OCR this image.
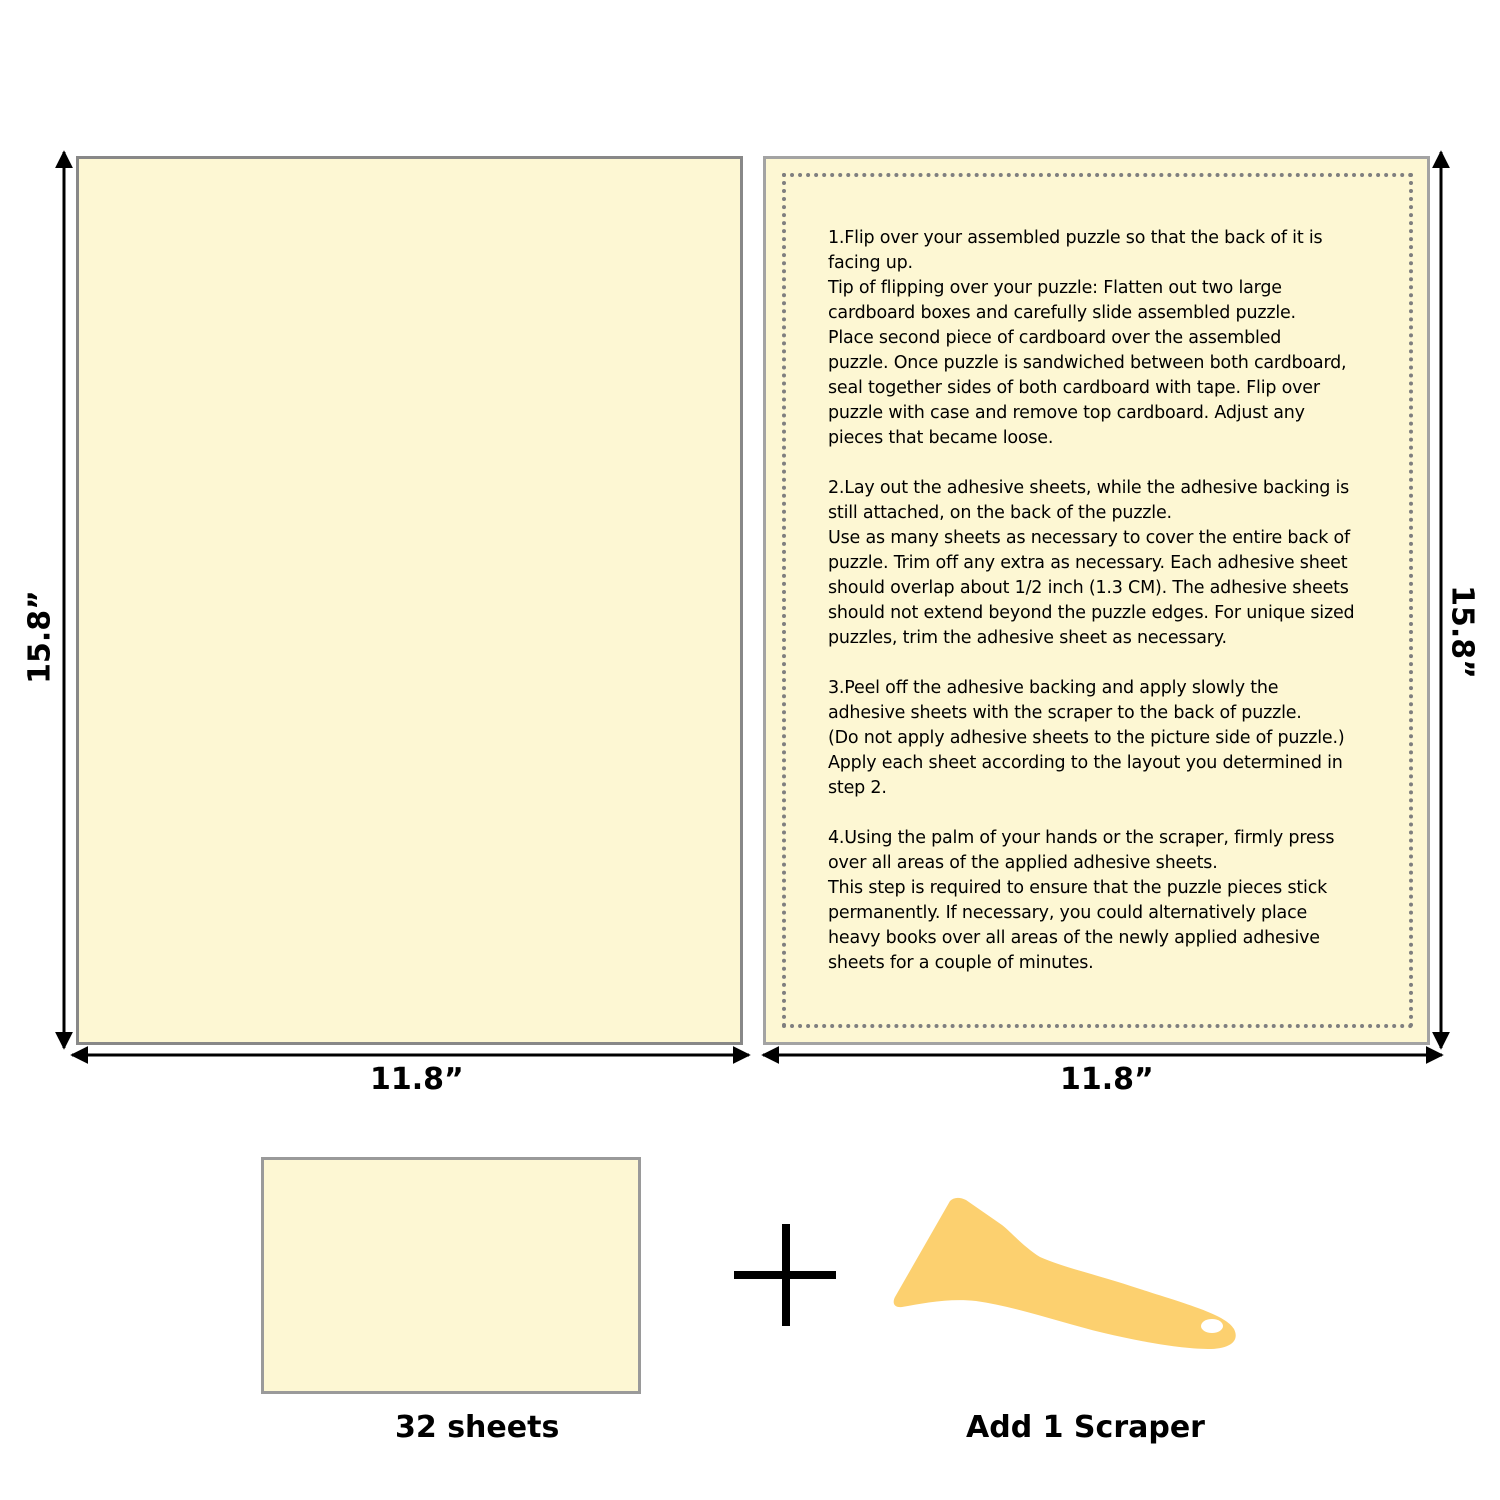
1.Flip over your assembled puzzle so that the back of it is
facing up.
Tip of flipping over your puzzle: Flatten out two large
cardboard boxes and carefully slide assembled puzzle.
Place second piece of cardboard over the assembled
puzzle. Once puzzle is sandwiched between both cardboard,
seal together sides of both cardboard with tape. Flip over
puzzle with case and remove top cardboard. Adjust any
pieces that became loose.
2.Lay out the adhesive sheets, while the adhesive backing is
still attached, on the back of the puzzle.
Use as many sheets as necessary to cover the entire back of
puzzle. Trim off any extra as necessary. Each adhesive sheet
should overlap about 1/2 inch (1.3 CM). The adhesive sheets
should not extend beyond the puzzle edges. For unique sized
puzzles, trim the adhesive sheet as necessary.
3.Peel off the adhesive backing and apply slowly the
adhesive sheets with the scraper to the back of puzzle.
(Do not apply adhesive sheets to the picture side of puzzle.)
Apply each sheet according to the layout you determined in
step 2.
4.Using the palm of your hands or the scraper, firmly press
over all areas of the applied adhesive sheets.
This step is required to ensure that the puzzle pieces stick
permanently. If necessary, you could alternatively place
heavy books over all areas of the newly applied adhesive
sheets for a couple of minutes.
15.8”
11.8”	11.8”
15.8”
32 sheets	Add 1 Scraper
